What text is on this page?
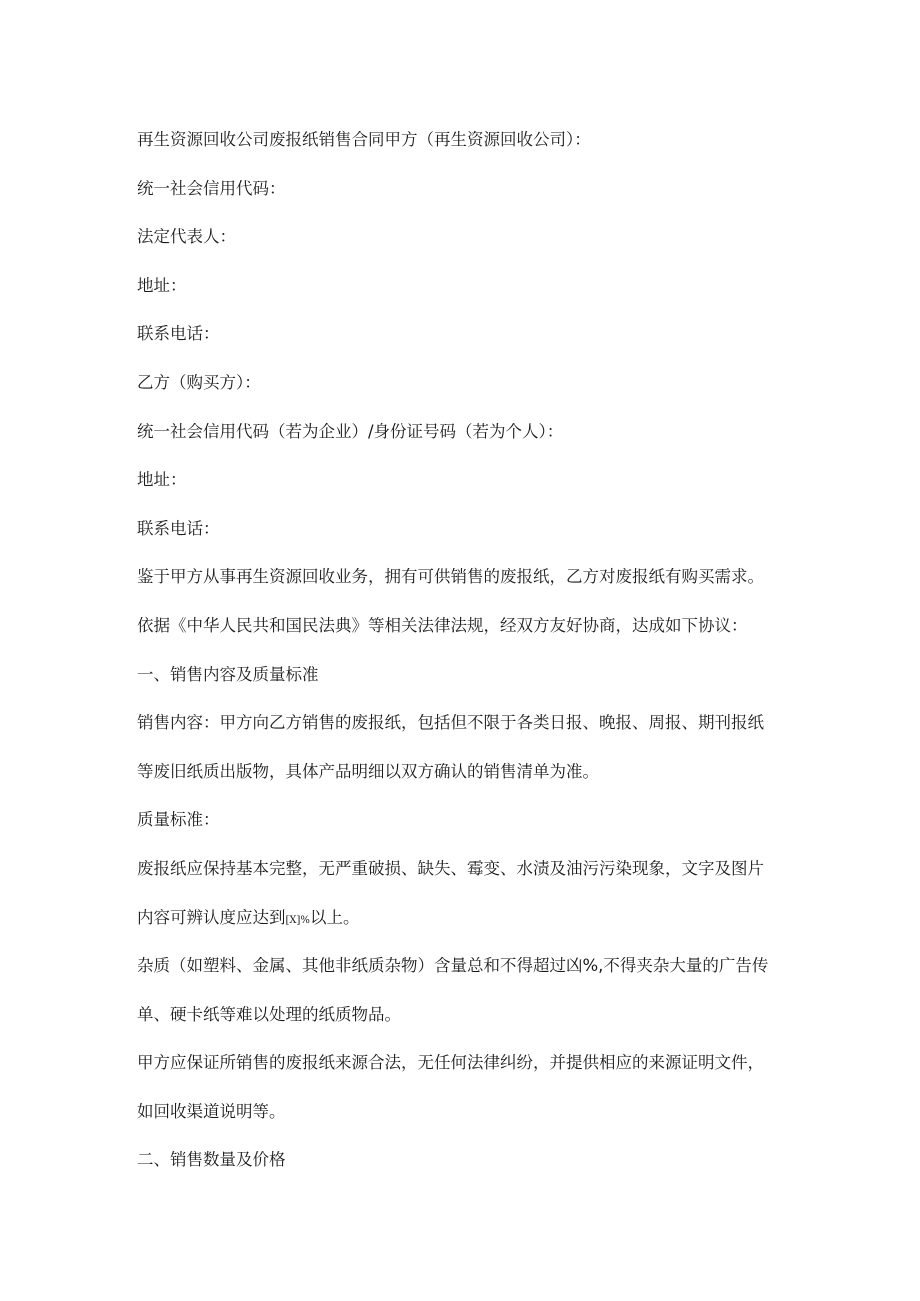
再生资源回收公司废报纸销售合同甲方（再生资源回收公司）：

统一社会信用代码：

法定代表人：

地址：

联系电话：

乙方（购买方）：

统一社会信用代码（若为企业）/身份证号码（若为个人）：

地址：

联系电话：

鉴于甲方从事再生资源回收业务，拥有可供销售的废报纸，乙方对废报纸有购买需求。

依据《中华人民共和国民法典》等相关法律法规，经双方友好协商，达成如下协议：

一、销售内容及质量标准

销售内容：甲方向乙方销售的废报纸，包括但不限于各类日报、晚报、周报、期刊报纸

等废旧纸质出版物，具体产品明细以双方确认的销售清单为准。

质量标准：

废报纸应保持基本完整，无严重破损、缺失、霉变、水渍及油污污染现象，文字及图片

内容可辨认度应达到[X]%以上。

杂质（如塑料、金属、其他非纸质杂物）含量总和不得超过凶%,不得夹杂大量的广告传

单、硬卡纸等难以处理的纸质物品。

甲方应保证所销售的废报纸来源合法，无任何法律纠纷，并提供相应的来源证明文件，

如回收渠道说明等。

二、销售数量及价格
